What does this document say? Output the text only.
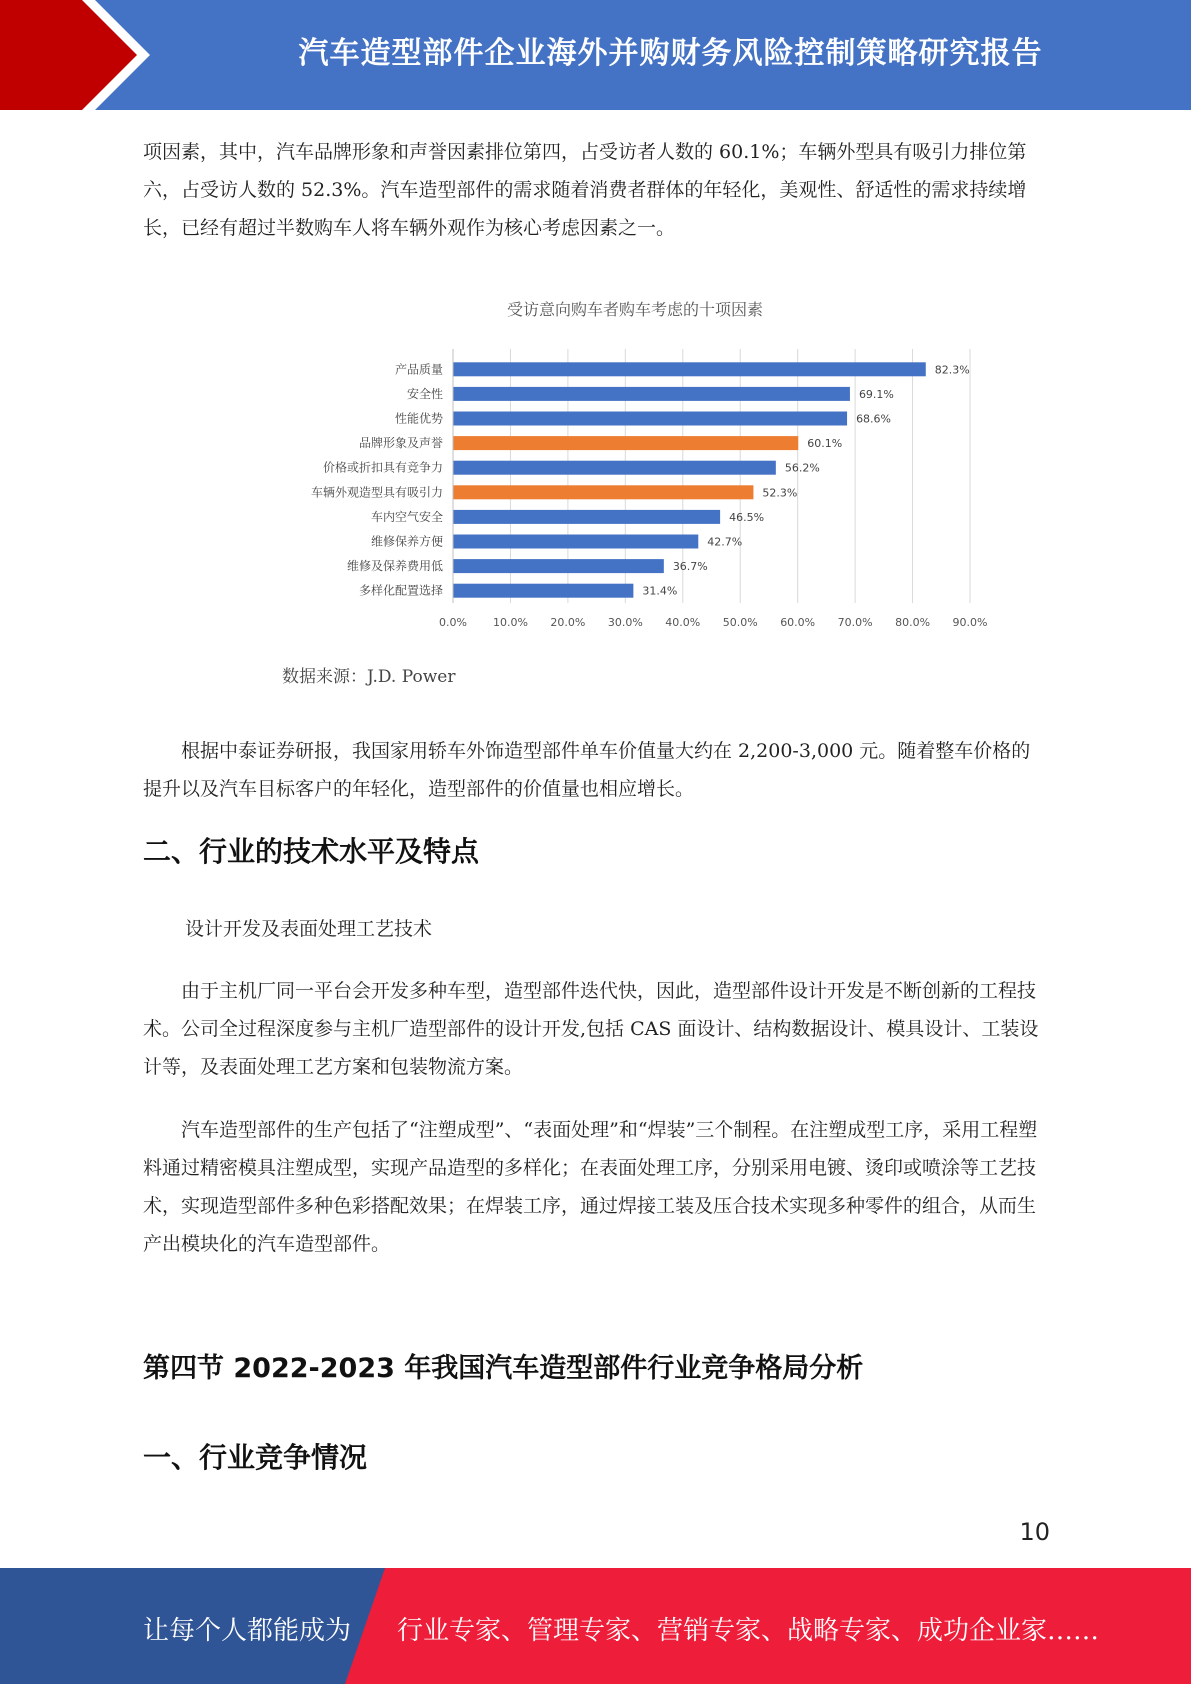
汽车造型部件企业海外并购财务风险控制策略研究报告

项因素，其中，汽车品牌形象和声誉因素排位第四，占受访者人数的 60.1%；车辆外型具有吸引力排位第六，占受访人数的 52.3%。汽车造型部件的需求随着消费者群体的年轻化，美观性、舒适性的需求持续增长，已经有超过半数购车人将车辆外观作为核心考虑因素之一。

受访意向购车者购车考虑的十项因素
0.0% 10.0% 20.0% 30.0% 40.0% 50.0% 60.0% 70.0% 80.0% 90.0%
产品质量	82.3%
安全性	69.1%
性能优势	68.6%
品牌形象及声誉	60.1%
价格或折扣具有竞争力	56.2%
车辆外观造型具有吸引力	52.3%
车内空气安全	46.5%
维修保养方便	42.7%
维修及保养费用低	36.7%
多样化配置选择	31.4%
数据来源：J.D. Power

根据中泰证券研报，我国家用轿车外饰造型部件单车价值量大约在 2,200-3,000 元。随着整车价格的提升以及汽车目标客户的年轻化，造型部件的价值量也相应增长。

二、行业的技术水平及特点

设计开发及表面处理工艺技术

由于主机厂同一平台会开发多种车型，造型部件迭代快，因此，造型部件设计开发是不断创新的工程技术。公司全过程深度参与主机厂造型部件的设计开发,包括 CAS 面设计、结构数据设计、模具设计、工装设计等，及表面处理工艺方案和包装物流方案。

汽车造型部件的生产包括了“注塑成型”、“表面处理”和“焊装”三个制程。在注塑成型工序，采用工程塑料通过精密模具注塑成型，实现产品造型的多样化；在表面处理工序，分别采用电镀、烫印或喷涂等工艺技术，实现造型部件多种色彩搭配效果；在焊装工序，通过焊接工装及压合技术实现多种零件的组合，从而生产出模块化的汽车造型部件。

第四节 2022-2023 年我国汽车造型部件行业竞争格局分析
一、行业竞争情况
10
让每个人都能成为 行业专家、管理专家、营销专家、战略专家、成功企业家……
